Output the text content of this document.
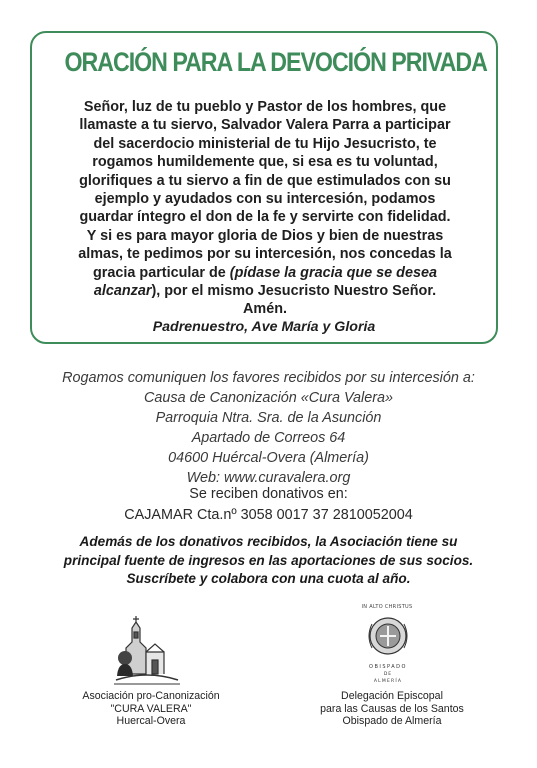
ORACIÓN PARA LA DEVOCIÓN PRIVADA

Señor, luz de tu pueblo y Pastor de los hombres, que
llamaste a tu siervo, Salvador Valera Parra a participar
del sacerdocio ministerial de tu Hijo Jesucristo, te
rogamos humildemente que, si esa es tu voluntad,
glorifiques a tu siervo a fin de que estimulados con su
ejemplo y ayudados con su intercesión, podamos
guardar íntegro el don de la fe y servirte con fidelidad.
Y si es para mayor gloria de Dios y bien de nuestras
almas, te pedimos por su intercesión, nos concedas la
gracia particular de (pídase la gracia que se desea
alcanzar), por el mismo Jesucristo Nuestro Señor.
Amén.

Padrenuestro, Ave María y Gloria

Rogamos comuniquen los favores recibidos por su intercesión a:
Causa de Canonización «Cura Valera»
Parroquia Ntra. Sra. de la Asunción
Apartado de Correos 64
04600 Huércal-Overa (Almería)
Web: www.curavalera.org
Se reciben donativos en:
CAJAMAR Cta.nº 3058 0017 37 2810052004
Además de los donativos recibidos, la Asociación tiene su
principal fuente de ingresos en las aportaciones de sus socios.
Suscríbete y colabora con una cuota al año.
IN ALTO CHRISTUS
OBISPADO
DE
ALMERÍA
Asociación pro-Canonización
"CURA VALERA"
Huercal-Overa
Delegación Episcopal
para las Causas de los Santos
Obispado de Almería
